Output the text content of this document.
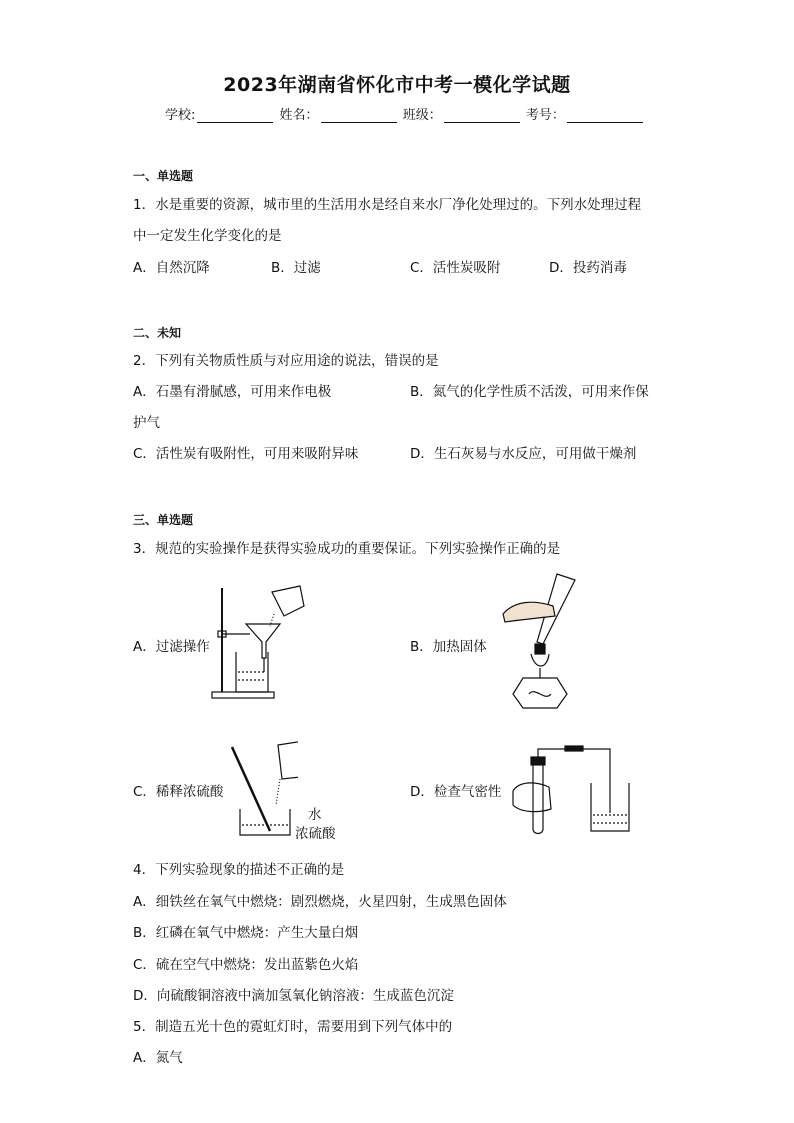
2023年湖南省怀化市中考一模化学试题
学校:	姓名：	班级：	考号：
一、单选题
1．水是重要的资源，城市里的生活用水是经自来水厂净化处理过的。下列水处理过程
中一定发生化学变化的是
A．自然沉降	B．过滤	C．活性炭吸附	D．投药消毒
二、未知
2．下列有关物质性质与对应用途的说法，错误的是
A．石墨有滑腻感，可用来作电极	B．氮气的化学性质不活泼，可用来作保
护气
C．活性炭有吸附性，可用来吸附异味	D．生石灰易与水反应，可用做干燥剂
三、单选题
3．规范的实验操作是获得实验成功的重要保证。下列实验操作正确的是
A．过滤操作	B．加热固体
C．稀释浓硫酸	D．检查气密性
水
浓硫酸
4．下列实验现象的描述不正确的是
A．细铁丝在氧气中燃烧：剧烈燃烧，火星四射，生成黑色固体
B．红磷在氧气中燃烧：产生大量白烟
C．硫在空气中燃烧：发出蓝紫色火焰
D．向硫酸铜溶液中滴加氢氧化钠溶液：生成蓝色沉淀
5．制造五光十色的霓虹灯时，需要用到下列气体中的
A．氮气
